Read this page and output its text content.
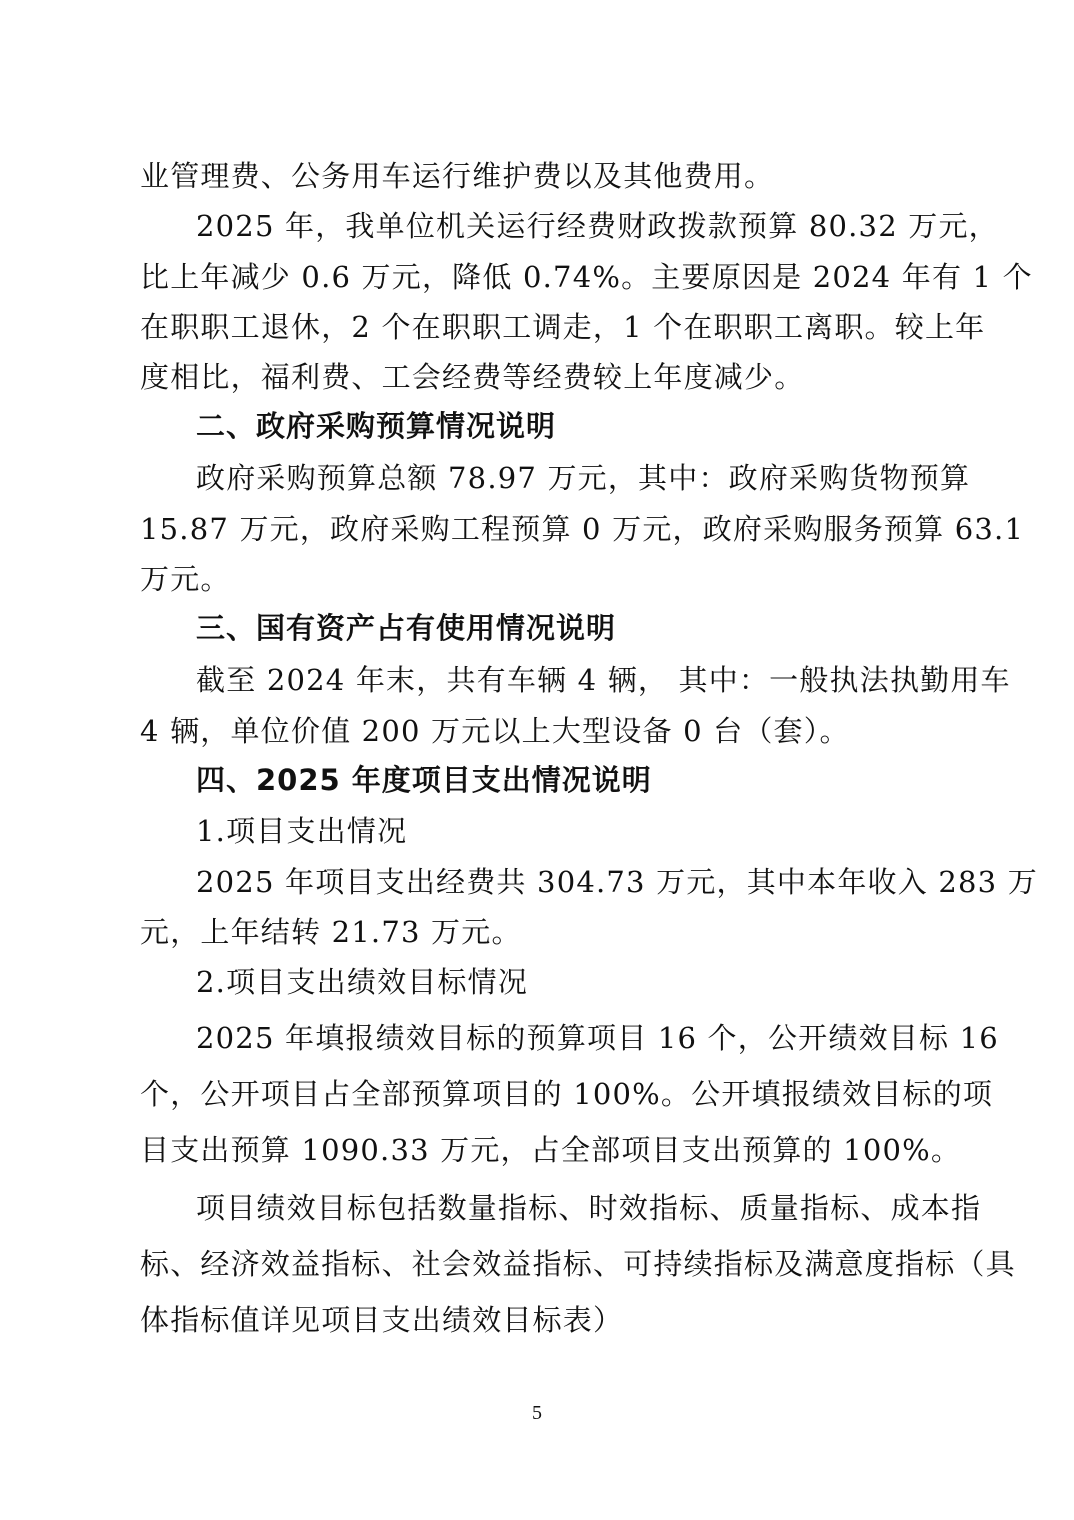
业管理费、公务用车运行维护费以及其他费用。
2025 年，我单位机关运行经费财政拨款预算 80.32 万元，
比上年减少 0.6 万元，降低 0.74%。主要原因是 2024 年有 1 个
在职职工退休，2 个在职职工调走，1 个在职职工离职。较上年
度相比，福利费、工会经费等经费较上年度减少。
二、政府采购预算情况说明
政府采购预算总额 78.97 万元，其中：政府采购货物预算
15.87 万元，政府采购工程预算 0 万元，政府采购服务预算 63.1
万元。
三、国有资产占有使用情况说明
截至 2024 年末，共有车辆 4 辆， 其中：一般执法执勤用车
4 辆，单位价值 200 万元以上大型设备 0 台（套）。
四、2025 年度项目支出情况说明
1.项目支出情况
2025 年项目支出经费共 304.73 万元，其中本年收入 283 万
元，上年结转 21.73 万元。
2.项目支出绩效目标情况
2025 年填报绩效目标的预算项目 16 个，公开绩效目标 16
个，公开项目占全部预算项目的 100%。公开填报绩效目标的项
目支出预算 1090.33 万元，占全部项目支出预算的 100%。
项目绩效目标包括数量指标、时效指标、质量指标、成本指
标、经济效益指标、社会效益指标、可持续指标及满意度指标（具
体指标值详见项目支出绩效目标表）
5
